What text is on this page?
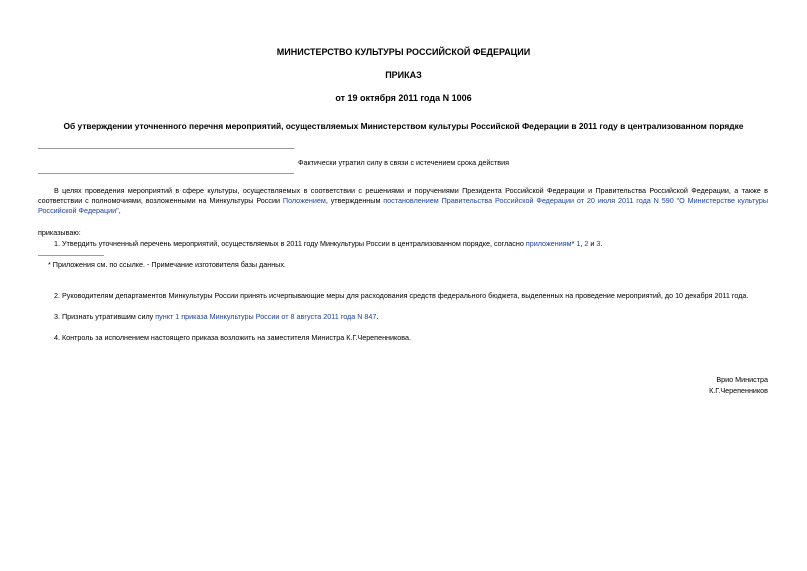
МИНИСТЕРСТВО КУЛЬТУРЫ РОССИЙСКОЙ ФЕДЕРАЦИИ
ПРИКАЗ
от 19 октября 2011 года N 1006
Об утверждении уточненного перечня мероприятий, осуществляемых Министерством культуры Российской Федерации в 2011 году в централизованном порядке
Фактически утратил силу в связи с истечением срока действия
В целях проведения мероприятий в сфере культуры, осуществляемых в соответствии с решениями и поручениями Президента Российской Федерации и Правительства Российской Федерации, а также в соответствии с полномочиями, возложенными на Минкультуры России Положением, утвержденным постановлением Правительства Российской Федерации от 20 июля 2011 года N 590 "О Министерстве культуры Российской Федерации",
приказываю:
1. Утвердить уточненный перечень мероприятий, осуществляемых в 2011 году Минкультуры России в централизованном порядке, согласно приложениям* 1, 2 и 3.
* Приложения см. по ссылке. - Примечание изготовителя базы данных.
2. Руководителям департаментов Минкультуры России принять исчерпывающие меры для расходования средств федерального бюджета, выделенных на проведение мероприятий, до 10 декабря 2011 года.
3. Признать утратившим силу пункт 1 приказа Минкультуры России от 8 августа 2011 года N 847.
4. Контроль за исполнением настоящего приказа возложить на заместителя Министра К.Г.Черепенникова.
Врио Министра
К.Г.Черепенников
